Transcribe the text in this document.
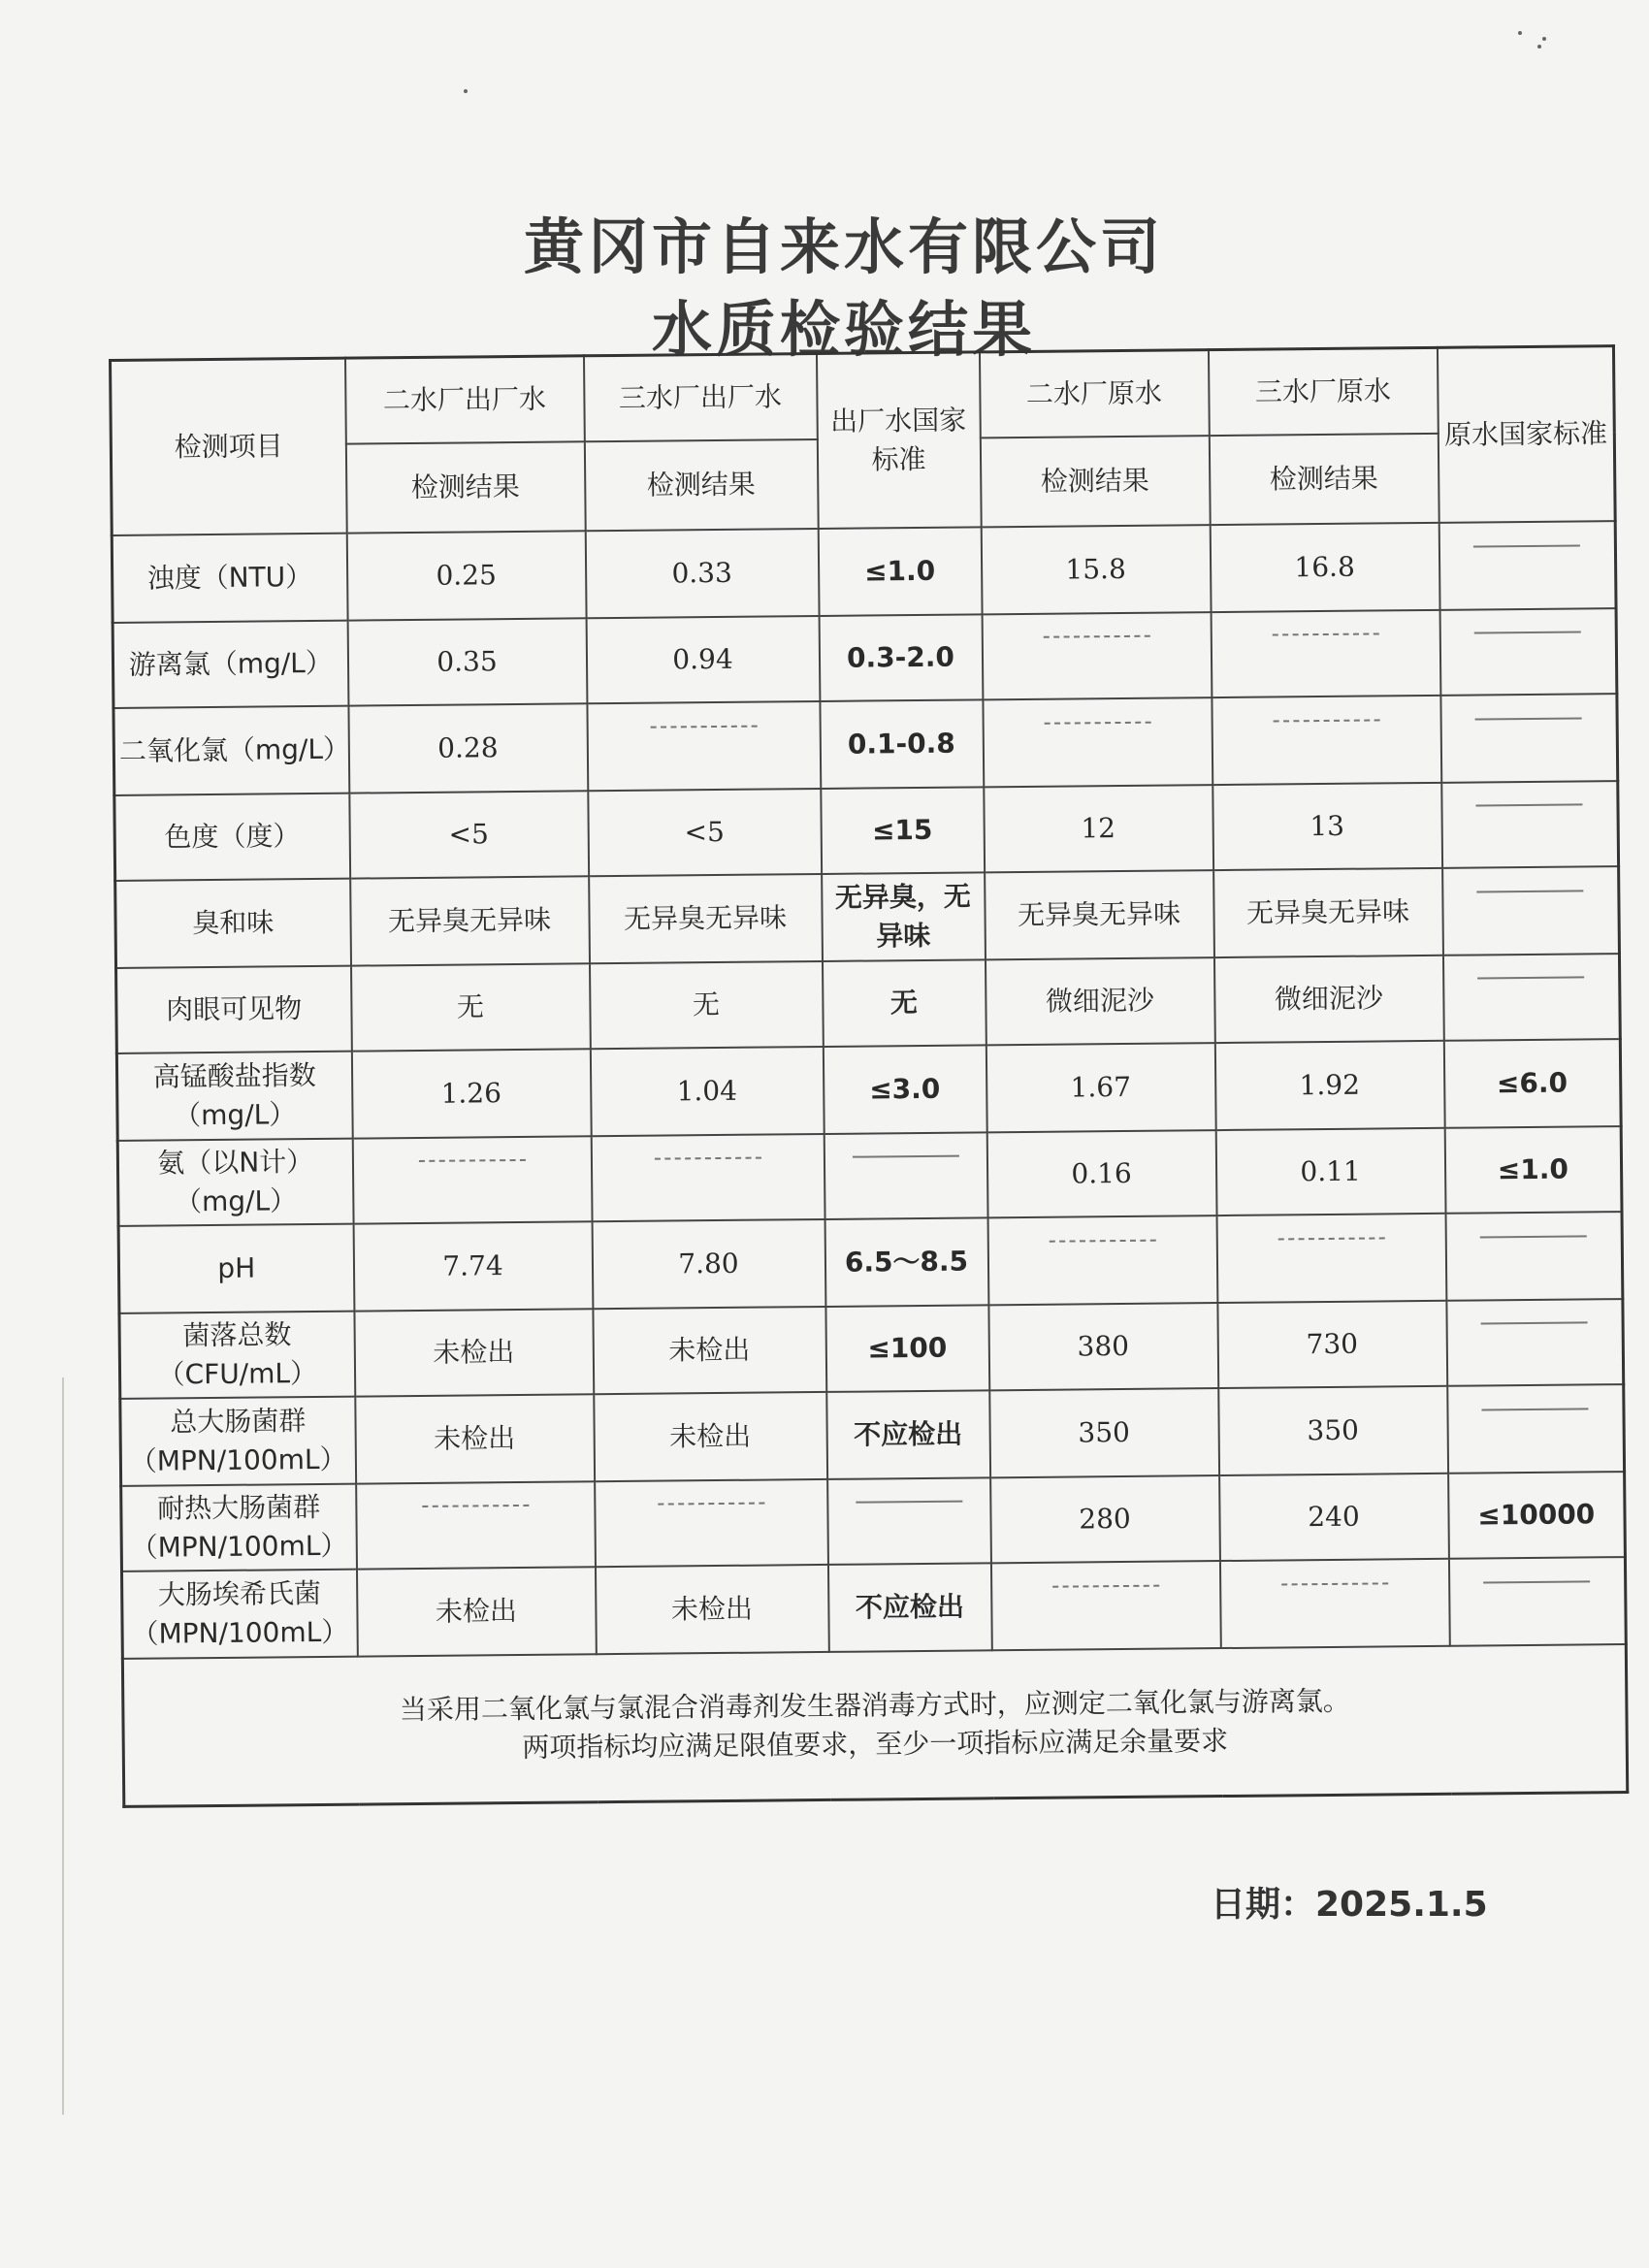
黄冈市自来水有限公司
水质检验结果
检测项目	二水厂出厂水	三水厂出厂水	出厂水国家标准	二水厂原水	三水厂原水	原水国家标准
	检测结果	检测结果		检测结果	检测结果	
浊度（NTU）	0.25	0.33	≤1.0	15.8	16.8	
游离氯（mg/L）	0.35	0.94	0.3-2.0			
二氧化氯（mg/L）	0.28		0.1-0.8			
色度（度）	<5	<5	≤15	12	13	
臭和味	无异臭无异味	无异臭无异味	无异臭，无异味	无异臭无异味	无异臭无异味	
肉眼可见物	无	无	无	微细泥沙	微细泥沙	
高锰酸盐指数（mg/L）	1.26	1.04	≤3.0	1.67	1.92	≤6.0
氨（以N计）（mg/L）				0.16	0.11	≤1.0
pH	7.74	7.80	6.5～8.5			
菌落总数（CFU/mL）	未检出	未检出	≤100	380	730	
总大肠菌群（MPN/100mL）	未检出	未检出	不应检出	350	350	
耐热大肠菌群（MPN/100mL）				280	240	≤10000
大肠埃希氏菌（MPN/100mL）	未检出	未检出	不应检出			

当采用二氧化氯与氯混合消毒剂发生器消毒方式时，应测定二氧化氯与游离氯。
两项指标均应满足限值要求，至少一项指标应满足余量要求						
日期：2025.1.5
